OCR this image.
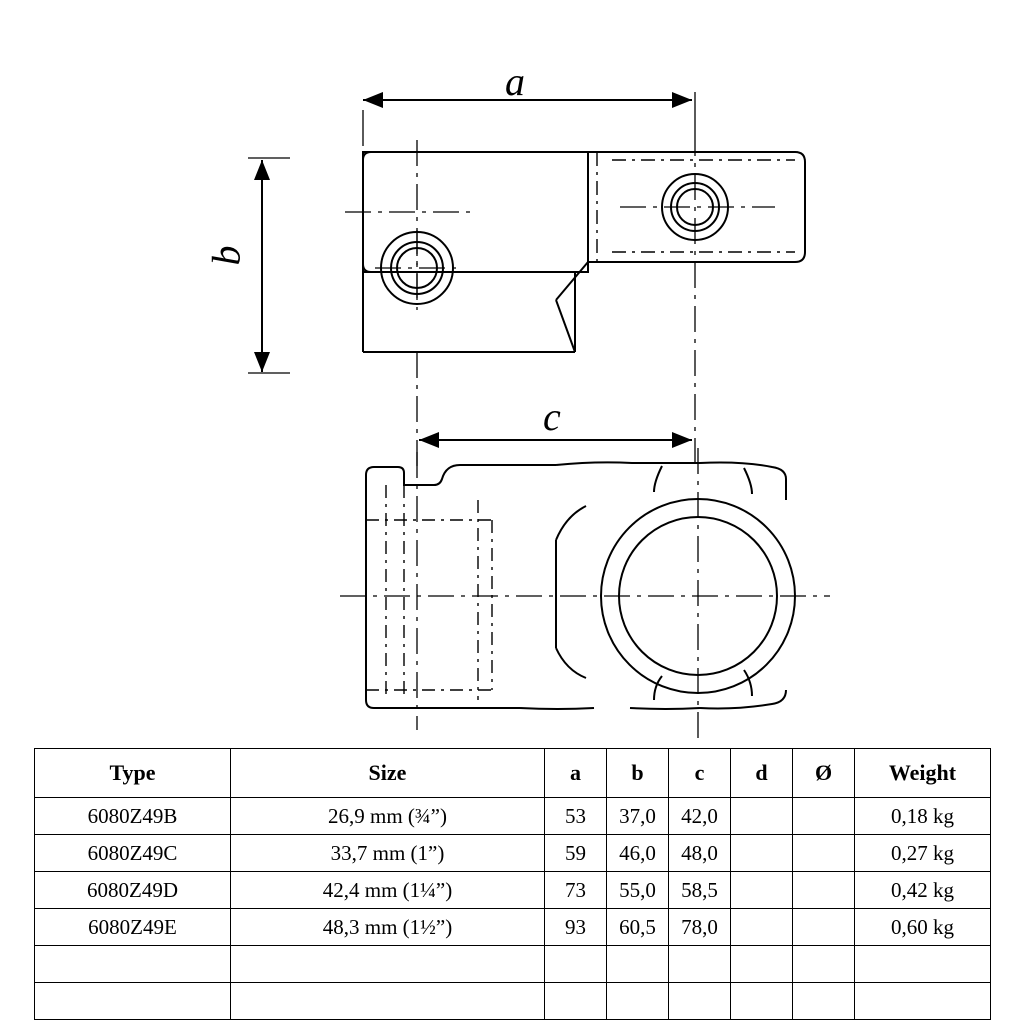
a
b
c
Type	Size	a	b	c	d	Ø	Weight
6080Z49B	26,9 mm (¾”)	53	37,0	42,0			0,18 kg
6080Z49C	33,7 mm (1”)	59	46,0	48,0			0,27 kg
6080Z49D	42,4 mm (1¼”)	73	55,0	58,5			0,42 kg
6080Z49E	48,3 mm (1½”)	93	60,5	78,0			0,60 kg
